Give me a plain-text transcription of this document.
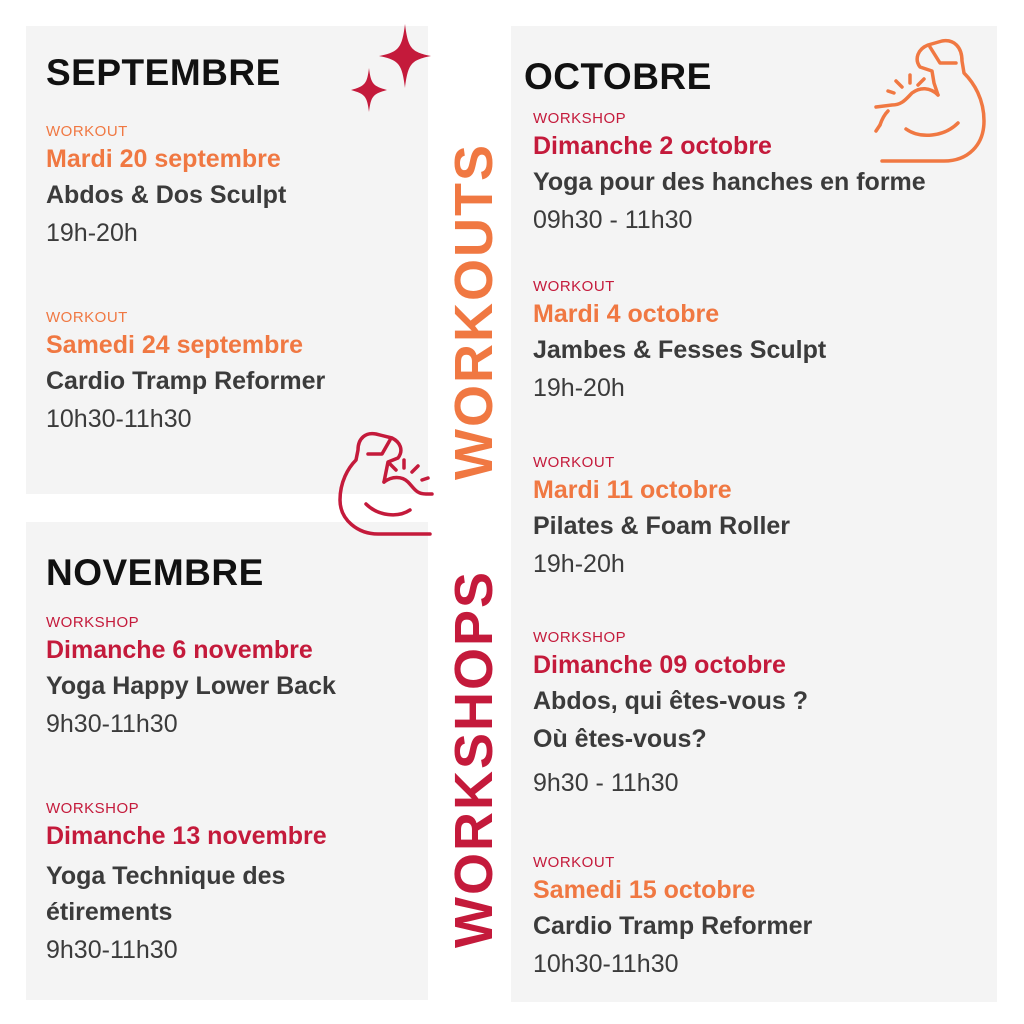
SEPTEMBRE
WORKOUT
Mardi 20 septembre
Abdos & Dos Sculpt
19h-20h
WORKOUT
Samedi 24 septembre
Cardio Tramp Reformer
10h30-11h30
NOVEMBRE
WORKSHOP
Dimanche 6 novembre
Yoga Happy Lower Back
9h30-11h30
WORKSHOP
Dimanche 13 novembre
Yoga Technique des
étirements
9h30-11h30
OCTOBRE
WORKSHOP
Dimanche 2 octobre
Yoga pour des hanches en forme
09h30 - 11h30
WORKOUT
Mardi 4 octobre
Jambes & Fesses Sculpt
19h-20h
WORKOUT
Mardi 11 octobre
Pilates & Foam Roller
19h-20h
WORKSHOP
Dimanche 09 octobre
Abdos, qui êtes-vous ?
Où êtes-vous?
9h30 - 11h30
WORKOUT
Samedi 15 octobre
Cardio Tramp Reformer
10h30-11h30
WORKOUTS
WORKSHOPS
